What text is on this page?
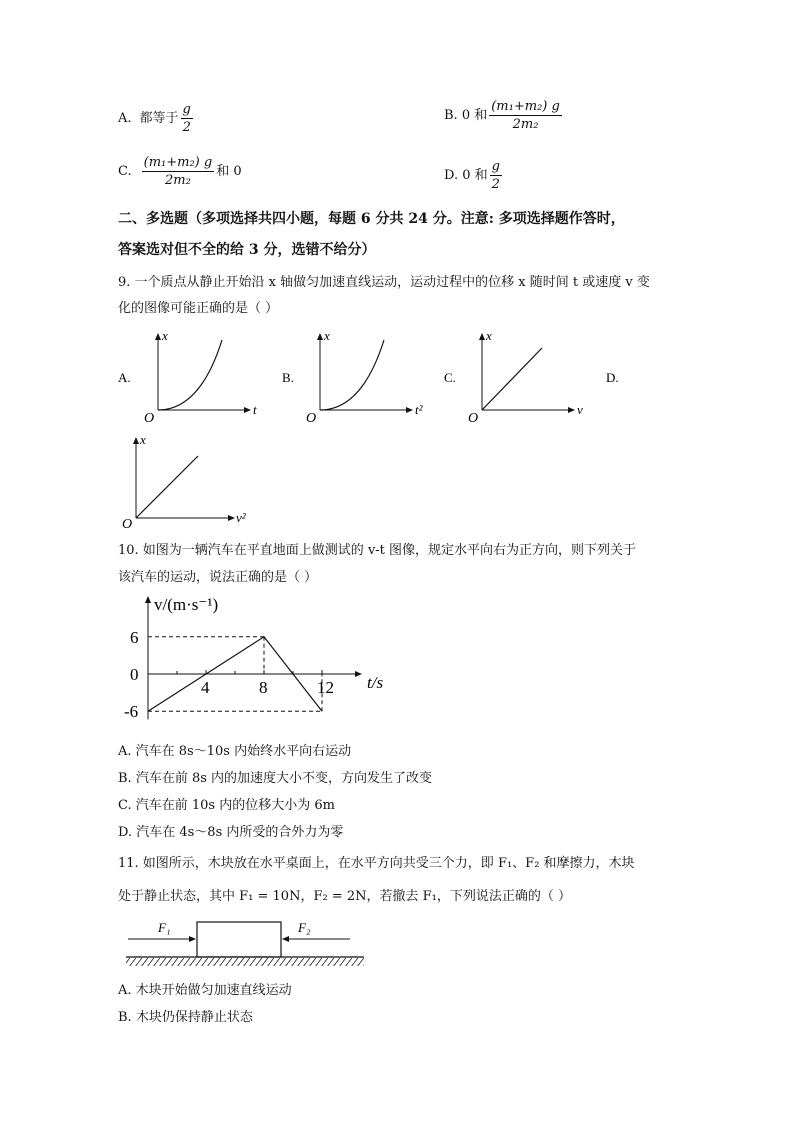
A. 都等于 $\frac{g}{2}$	B. 0 和 $\frac{\text{(m₁+m₂) g}}{\text{2m₂}}$
C. $\frac{\text{(m₁+m₂) g}}{\text{2m₂}}$ 和 0	D. 0 和 $\frac{g}{2}$
二、多选题（多项选择共四小题，每题 6 分共 24 分。注意: 多项选择题作答时，
答案选对但不全的给 3 分，选错不给分）
9. 一个质点从静止开始沿 x 轴做匀加速直线运动，运动过程中的位移 x 随时间 t 或速度 v 变
化的图像可能正确的是（ ）
A.
x
t
O
B.
x
t²
O
C.
x
v
O
D.
x
v²
O
10. 如图为一辆汽车在平直地面上做测试的 v-t 图像，规定水平向右为正方向，则下列关于
该汽车的运动，说法正确的是（ ）
4	8	12
6
0
-6
v/(m·s⁻¹)
t/s
A. 汽车在 8s～10s 内始终水平向右运动
B. 汽车在前 8s 内的加速度大小不变，方向发生了改变
C. 汽车在前 10s 内的位移大小为 6m
D. 汽车在 4s～8s 内所受的合外力为零
11. 如图所示，木块放在水平桌面上，在水平方向共受三个力，即 F₁、F₂ 和摩擦力，木块
处于静止状态，其中 F₁ = 10N，F₂ = 2N，若撤去 F₁，下列说法正确的（ ）
F₁	F₂
A. 木块开始做匀加速直线运动
B. 木块仍保持静止状态
